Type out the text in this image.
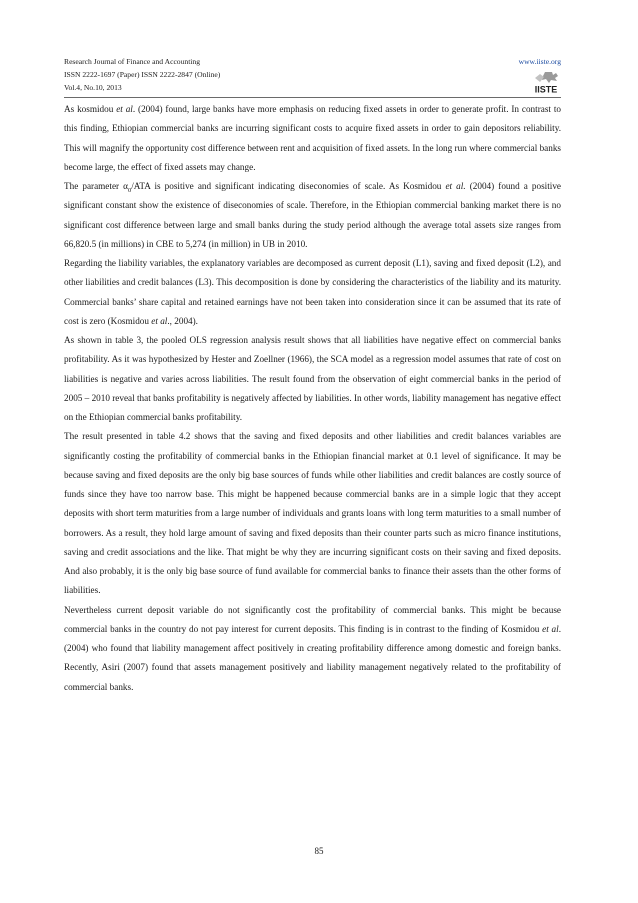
Research Journal of Finance and Accounting
ISSN 2222-1697 (Paper) ISSN 2222-2847 (Online)
Vol.4, No.10, 2013
www.iiste.org
IISTE

As kosmidou et al. (2004) found, large banks have more emphasis on reducing fixed assets in order to generate profit. In contrast to this finding, Ethiopian commercial banks are incurring significant costs to acquire fixed assets in order to gain depositors reliability. This will magnify the opportunity cost difference between rent and acquisition of fixed assets. In the long run where commercial banks become large, the effect of fixed assets may change.

The parameter $\alpha_0$/ATA is positive and significant indicating diseconomies of scale. As Kosmidou et al. (2004) found a positive significant constant show the existence of diseconomies of scale. Therefore, in the Ethiopian commercial banking market there is no significant cost difference between large and small banks during the study period although the average total assets size ranges from 66,820.5 (in millions) in CBE to 5,274 (in million) in UB in 2010.

Regarding the liability variables, the explanatory variables are decomposed as current deposit (L1), saving and fixed deposit (L2), and other liabilities and credit balances (L3). This decomposition is done by considering the characteristics of the liability and its maturity. Commercial banks’ share capital and retained earnings have not been taken into consideration since it can be assumed that its rate of cost is zero (Kosmidou et al., 2004).

As shown in table 3, the pooled OLS regression analysis result shows that all liabilities have negative effect on commercial banks profitability. As it was hypothesized by Hester and Zoellner (1966), the SCA model as a regression model assumes that rate of cost on liabilities is negative and varies across liabilities. The result found from the observation of eight commercial banks in the period of 2005 – 2010 reveal that banks profitability is negatively affected by liabilities. In other words, liability management has negative effect on the Ethiopian commercial banks profitability.

The result presented in table 4.2 shows that the saving and fixed deposits and other liabilities and credit balances variables are significantly costing the profitability of commercial banks in the Ethiopian financial market at 0.1 level of significance. It may be because saving and fixed deposits are the only big base sources of funds while other liabilities and credit balances are costly source of funds since they have too narrow base. This might be happened because commercial banks are in a simple logic that they accept deposits with short term maturities from a large number of individuals and grants loans with long term maturities to a small number of borrowers. As a result, they hold large amount of saving and fixed deposits than their counter parts such as micro finance institutions, saving and credit associations and the like. That might be why they are incurring significant costs on their saving and fixed deposits. And also probably, it is the only big base source of fund available for commercial banks to finance their assets than the other forms of liabilities.

Nevertheless current deposit variable do not significantly cost the profitability of commercial banks. This might be because commercial banks in the country do not pay interest for current deposits. This finding is in contrast to the finding of Kosmidou et al. (2004) who found that liability management affect positively in creating profitability difference among domestic and foreign banks. Recently, Asiri (2007) found that assets management positively and liability management negatively related to the profitability of commercial banks.

85
